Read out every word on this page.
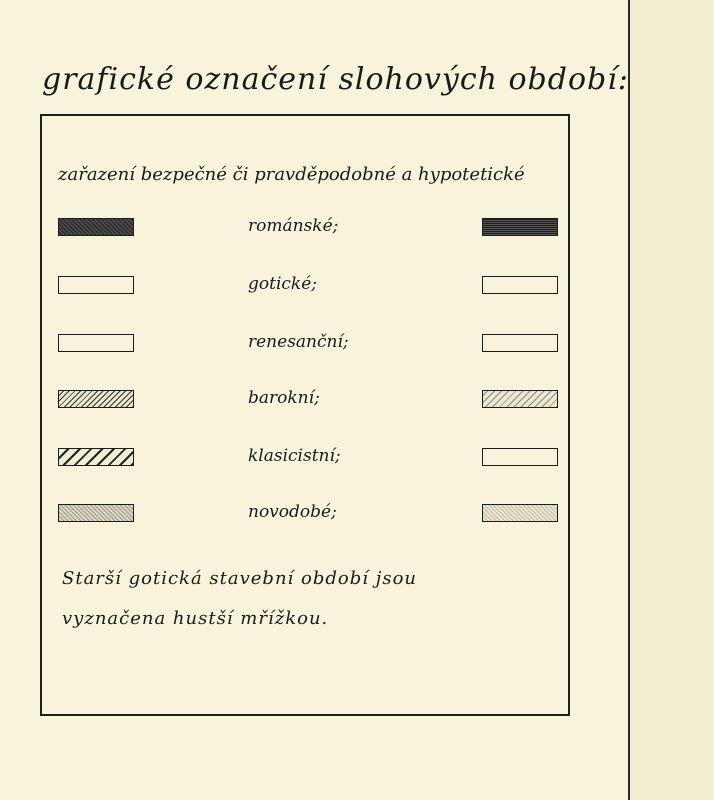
grafické označení slohových období:

zařazení bezpečné či pravděpodobné a hypotetické

románské;
gotické;
renesanční;
barokní;
klasicistní;
novodobé;

Starší gotická stavební období jsou

vyznačena hustší mřížkou.
